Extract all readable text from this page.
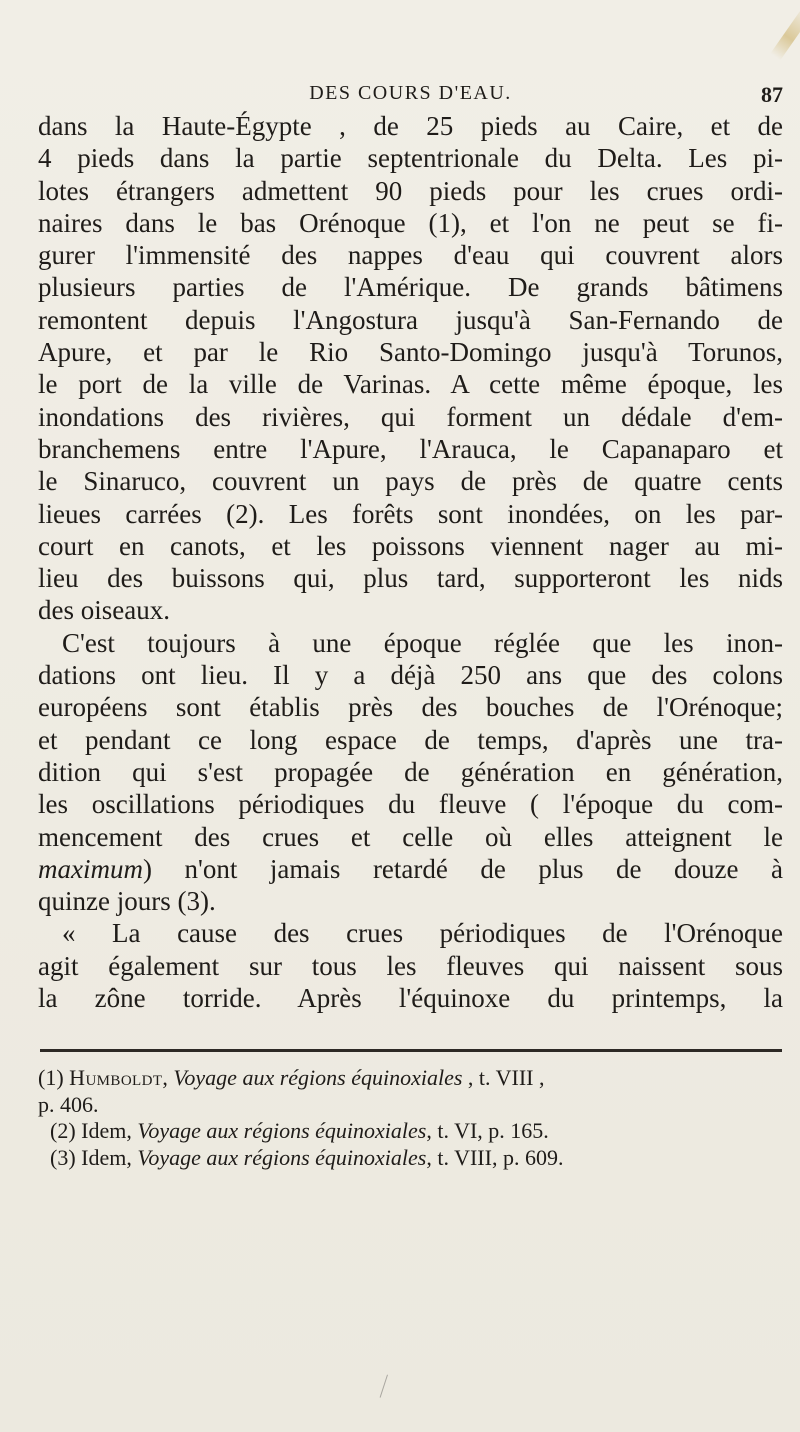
DES COURS D'EAU.	87
dans la Haute-Égypte , de 25 pieds au Caire, et de
4 pieds dans la partie septentrionale du Delta. Les pi-
lotes étrangers admettent 90 pieds pour les crues ordi-
naires dans le bas Orénoque (1), et l'on ne peut se fi-
gurer l'immensité des nappes d'eau qui couvrent alors
plusieurs parties de l'Amérique. De grands bâtimens
remontent depuis l'Angostura jusqu'à San-Fernando de
Apure, et par le Rio Santo-Domingo jusqu'à Torunos,
le port de la ville de Varinas. A cette même époque, les
inondations des rivières, qui forment un dédale d'em-
branchemens entre l'Apure, l'Arauca, le Capanaparo et
le Sinaruco, couvrent un pays de près de quatre cents
lieues carrées (2). Les forêts sont inondées, on les par-
court en canots, et les poissons viennent nager au mi-
lieu des buissons qui, plus tard, supporteront les nids
des oiseaux.
C'est toujours à une époque réglée que les inon-
dations ont lieu. Il y a déjà 250 ans que des colons
européens sont établis près des bouches de l'Orénoque;
et pendant ce long espace de temps, d'après une tra-
dition qui s'est propagée de génération en génération,
les oscillations périodiques du fleuve ( l'époque du com-
mencement des crues et celle où elles atteignent le
maximum) n'ont jamais retardé de plus de douze à
quinze jours (3).
« La cause des crues périodiques de l'Orénoque
agit également sur tous les fleuves qui naissent sous
la zône torride. Après l'équinoxe du printemps, la
(1) Humboldt, Voyage aux régions équinoxiales , t. VIII ,
p. 406.
(2) Idem, Voyage aux régions équinoxiales, t. VI, p. 165.
(3) Idem, Voyage aux régions équinoxiales, t. VIII, p. 609.
